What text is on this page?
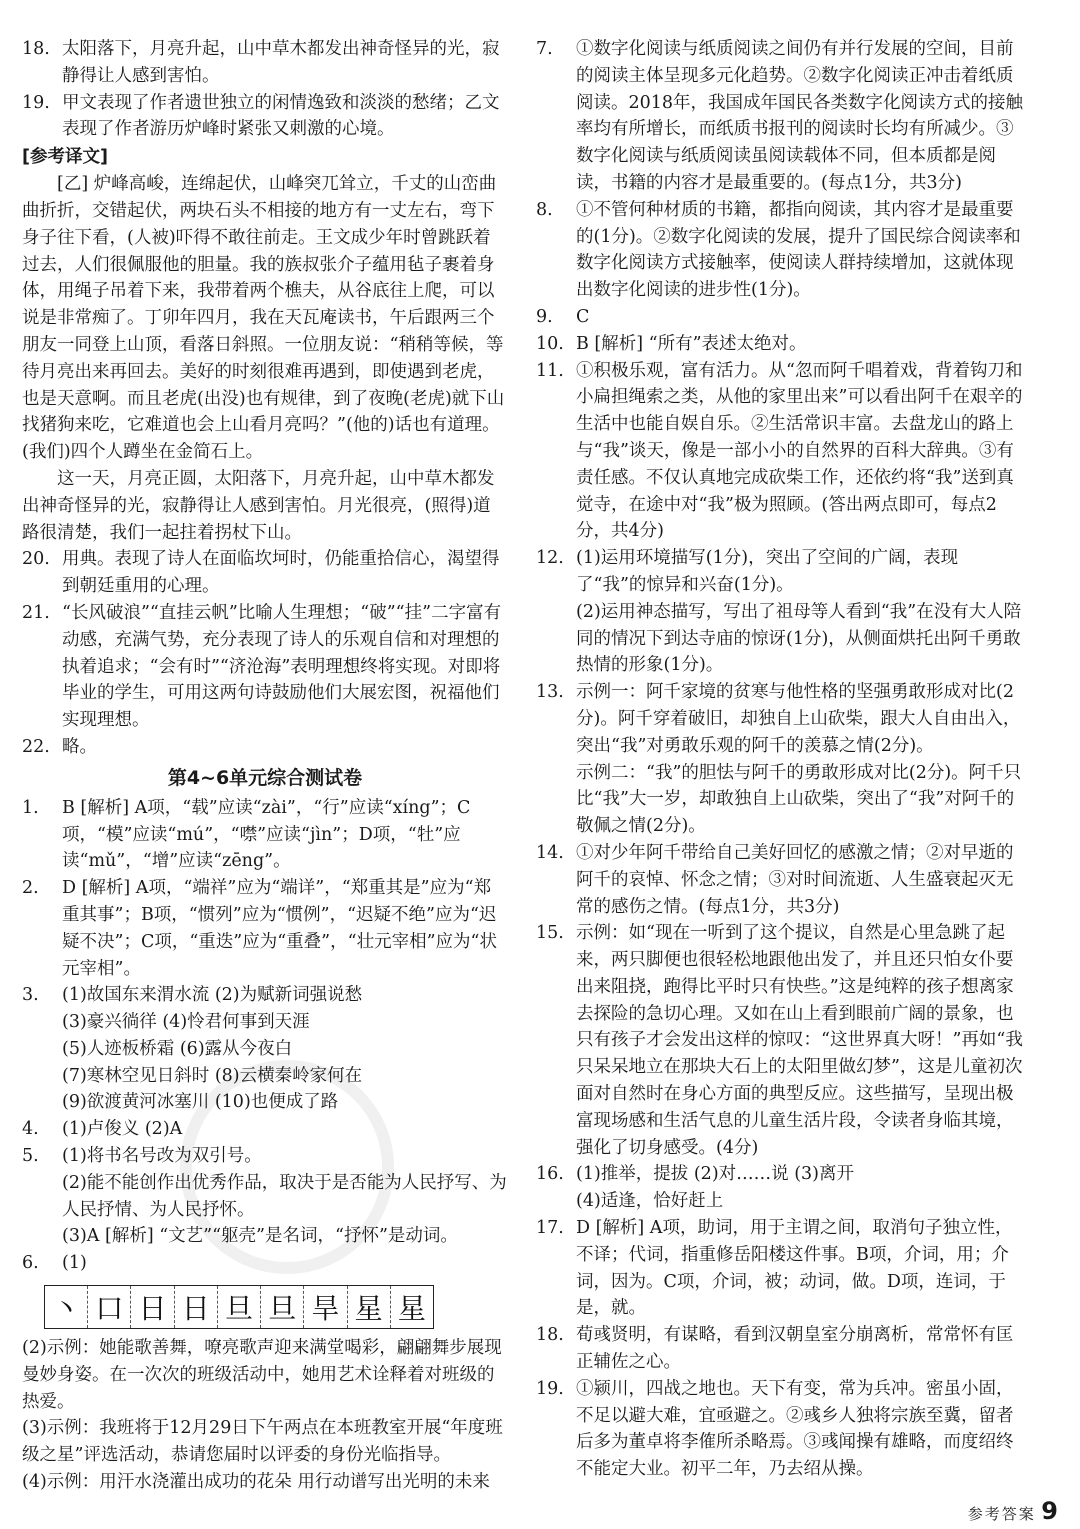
18. 太阳落下，月亮升起，山中草木都发出神奇怪异的光，寂静得让人感到害怕。
19. 甲文表现了作者遗世独立的闲情逸致和淡淡的愁绪；乙文表现了作者游历炉峰时紧张又刺激的心境。
[参考译文]
[乙] 炉峰高峻，连绵起伏，山峰突兀耸立，千丈的山峦曲曲折折，交错起伏，两块石头不相接的地方有一丈左右，弯下身子往下看，(人被)吓得不敢往前走。王文成少年时曾跳跃着过去，人们很佩服他的胆量。我的族叔张介子蕴用毡子裹着身体，用绳子吊着下来，我带着两个樵夫，从谷底往上爬，可以说是非常痴了。丁卯年四月，我在天瓦庵读书，午后跟两三个朋友一同登上山顶，看落日斜照。一位朋友说：“稍稍等候，等待月亮出来再回去。美好的时刻很难再遇到，即使遇到老虎，也是天意啊。而且老虎(出没)也有规律，到了夜晚(老虎)就下山找猪狗来吃，它难道也会上山看月亮吗？”(他的)话也有道理。(我们)四个人蹲坐在金简石上。
这一天，月亮正圆，太阳落下，月亮升起，山中草木都发出神奇怪异的光，寂静得让人感到害怕。月光很亮，(照得)道路很清楚，我们一起拄着拐杖下山。
20. 用典。表现了诗人在面临坎坷时，仍能重拾信心，渴望得到朝廷重用的心理。
21. “长风破浪”“直挂云帆”比喻人生理想；“破”“挂”二字富有动感，充满气势，充分表现了诗人的乐观自信和对理想的执着追求；“会有时”“济沧海”表明理想终将实现。对即将毕业的学生，可用这两句诗鼓励他们大展宏图，祝福他们实现理想。
22. 略。
第4~6单元综合测试卷
1.	B [解析] A项，“载”应读“zài”，“行”应读“xíng”；C项，“模”应读“mú”，“噤”应读“jìn”；D项，“牡”应读“mǔ”，“增”应读“zēng”。
2.	D [解析] A项，“端祥”应为“端详”，“郑重其是”应为“郑重其事”；B项，“惯列”应为“惯例”，“迟疑不绝”应为“迟疑不决”；C项，“重迭”应为“重叠”，“壮元宰相”应为“状元宰相”。
3.	(1)故国东来渭水流 (2)为赋新词强说愁
(3)豪兴徜徉 (4)怜君何事到天涯
(5)人迹板桥霜 (6)露从今夜白
(7)寒林空见日斜时 (8)云横秦岭家何在
(9)欲渡黄河冰塞川 (10)也便成了路
4.	(1)卢俊义 (2)A
5.	(1)将书名号改为双引号。
(2)能不能创作出优秀作品，取决于是否能为人民抒写、为人民抒情、为人民抒怀。
(3)A [解析] “文艺”“躯壳”是名词，“抒怀”是动词。
6.	(1)
丶 口 日 日 旦 旦 旱 星 星
(2)示例：她能歌善舞，嘹亮歌声迎来满堂喝彩，翩翩舞步展现曼妙身姿。在一次次的班级活动中，她用艺术诠释着对班级的热爱。
(3)示例：我班将于12月29日下午两点在本班教室开展“年度班级之星”评选活动，恭请您届时以评委的身份光临指导。
(4)示例：用汗水浇灌出成功的花朵 用行动谱写出光明的未来
7.	①数字化阅读与纸质阅读之间仍有并行发展的空间，目前的阅读主体呈现多元化趋势。②数字化阅读正冲击着纸质阅读。2018年，我国成年国民各类数字化阅读方式的接触率均有所增长，而纸质书报刊的阅读时长均有所减少。③数字化阅读与纸质阅读虽阅读载体不同，但本质都是阅读，书籍的内容才是最重要的。(每点1分，共3分)
8.	①不管何种材质的书籍，都指向阅读，其内容才是最重要的(1分)。②数字化阅读的发展，提升了国民综合阅读率和数字化阅读方式接触率，使阅读人群持续增加，这就体现出数字化阅读的进步性(1分)。
9.	C
10. B [解析] “所有”表述太绝对。
11. ①积极乐观，富有活力。从“忽而阿千唱着戏，背着钩刀和小扁担绳索之类，从他的家里出来”可以看出阿千在艰辛的生活中也能自娱自乐。②生活常识丰富。去盘龙山的路上与“我”谈天，像是一部小小的自然界的百科大辞典。③有责任感。不仅认真地完成砍柴工作，还依约将“我”送到真觉寺，在途中对“我”极为照顾。(答出两点即可，每点2分，共4分)
12. (1)运用环境描写(1分)，突出了空间的广阔，表现了“我”的惊异和兴奋(1分)。
(2)运用神态描写，写出了祖母等人看到“我”在没有大人陪同的情况下到达寺庙的惊讶(1分)，从侧面烘托出阿千勇敢热情的形象(1分)。
13. 示例一：阿千家境的贫寒与他性格的坚强勇敢形成对比(2分)。阿千穿着破旧，却独自上山砍柴，跟大人自由出入，突出“我”对勇敢乐观的阿千的羡慕之情(2分)。
示例二：“我”的胆怯与阿千的勇敢形成对比(2分)。阿千只比“我”大一岁，却敢独自上山砍柴，突出了“我”对阿千的敬佩之情(2分)。
14. ①对少年阿千带给自己美好回忆的感激之情；②对早逝的阿千的哀悼、怀念之情；③对时间流逝、人生盛衰起灭无常的感伤之情。(每点1分，共3分)
15. 示例：如“现在一听到了这个提议，自然是心里急跳了起来，两只脚便也很轻松地跟他出发了，并且还只怕女仆要出来阻挠，跑得比平时只有快些。”这是纯粹的孩子想离家去探险的急切心理。又如在山上看到眼前广阔的景象，也只有孩子才会发出这样的惊叹：“这世界真大呀！”再如“我只呆呆地立在那块大石上的太阳里做幻梦”，这是儿童初次面对自然时在身心方面的典型反应。这些描写，呈现出极富现场感和生活气息的儿童生活片段，令读者身临其境，强化了切身感受。(4分)
16. (1)推举，提拔 (2)对……说 (3)离开
(4)适逢，恰好赶上
17. D [解析] A项，助词，用于主谓之间，取消句子独立性，不译；代词，指重修岳阳楼这件事。B项，介词，用；介词，因为。C项，介词，被；动词，做。D项，连词，于是，就。
18. 荀彧贤明，有谋略，看到汉朝皇室分崩离析，常常怀有匡正辅佐之心。
19. ①颍川，四战之地也。天下有变，常为兵冲。密虽小固，不足以避大难，宜亟避之。②彧乡人独将宗族至冀，留者后多为董卓将李傕所杀略焉。③彧闻操有雄略，而度绍终不能定大业。初平二年，乃去绍从操。
参考答案 9
